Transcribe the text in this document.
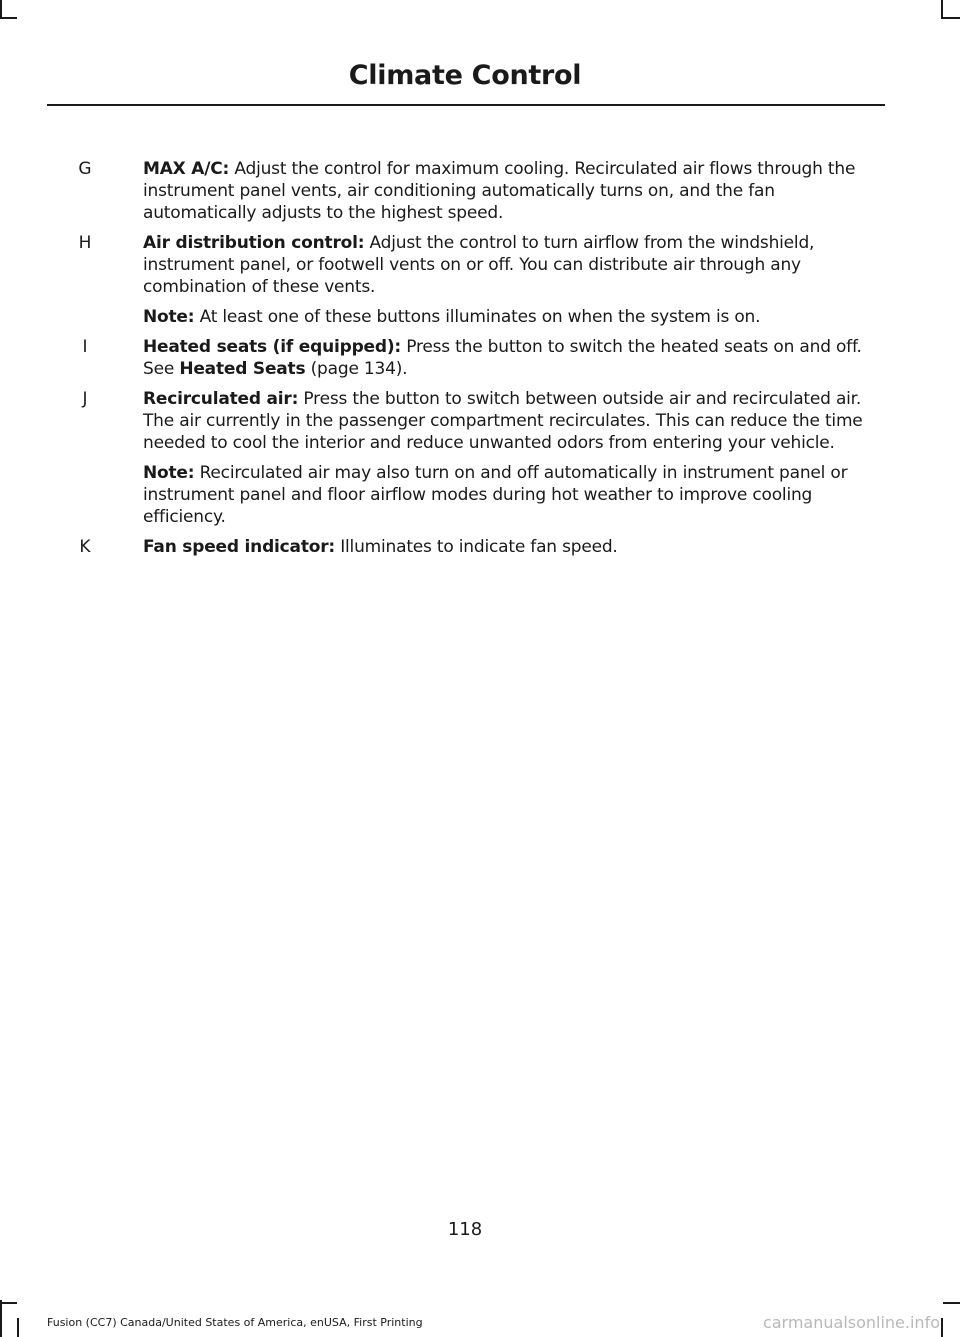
Climate Control
G	MAX A/C: Adjust the control for maximum cooling. Recirculated air flows through the instrument panel vents, air conditioning automatically turns on, and the fan automatically adjusts to the highest speed.

H	Air distribution control: Adjust the control to turn airflow from the windshield, instrument panel, or footwell vents on or off. You can distribute air through any combination of these vents.

Note: At least one of these buttons illuminates on when the system is on.

I	Heated seats (if equipped): Press the button to switch the heated seats on and off. See Heated Seats (page 134).

J	Recirculated air: Press the button to switch between outside air and recirculated air. The air currently in the passenger compartment recirculates. This can reduce the time needed to cool the interior and reduce unwanted odors from entering your vehicle.

Note: Recirculated air may also turn on and off automatically in instrument panel or instrument panel and floor airflow modes during hot weather to improve cooling efficiency.

K	Fan speed indicator: Illuminates to indicate fan speed.

118
Fusion (CC7) Canada/United States of America, enUSA, First Printing	carmanualsonline.info
